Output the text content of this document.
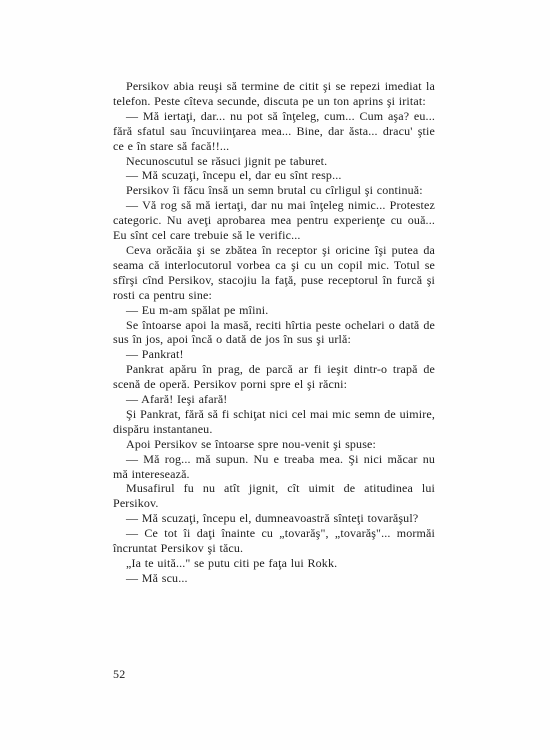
Persikov abia reuşi să termine de citit şi se repezi imediat la telefon. Peste cîteva secunde, discuta pe un ton aprins şi iritat:

— Mă iertaţi, dar... nu pot să înţeleg, cum... Cum aşa? eu... fără sfatul sau încuviinţarea mea... Bine, dar ăsta... dracu' ştie ce e în stare să facă!!...

Necunoscutul se răsuci jignit pe taburet.

— Mă scuzaţi, începu el, dar eu sînt resp...

Persikov îi făcu însă un semn brutal cu cîrligul şi continuă:

— Vă rog să mă iertaţi, dar nu mai înţeleg nimic... Protestez categoric. Nu aveţi aprobarea mea pentru experienţe cu ouă... Eu sînt cel care trebuie să le verific...

Ceva orăcăia şi se zbătea în receptor şi oricine îşi putea da seama că interlocutorul vorbea ca şi cu un copil mic. Totul se sfîrşi cînd Persikov, stacojiu la faţă, puse receptorul în furcă şi rosti ca pentru sine:

— Eu m-am spălat pe mîini.

Se întoarse apoi la masă, reciti hîrtia peste ochelari o dată de sus în jos, apoi încă o dată de jos în sus şi urlă:

— Pankrat!

Pankrat apăru în prag, de parcă ar fi ieşit dintr-o trapă de scenă de operă. Persikov porni spre el şi răcni:

— Afară! Ieşi afară!

Şi Pankrat, fără să fi schiţat nici cel mai mic semn de uimire, dispăru instantaneu.

Apoi Persikov se întoarse spre nou-venit şi spuse:

— Mă rog... mă supun. Nu e treaba mea. Şi nici măcar nu mă interesează.

Musafirul fu nu atît jignit, cît uimit de atitudinea lui Persikov.

— Mă scuzaţi, începu el, dumneavoastră sînteţi tovarăşul?

— Ce tot îi daţi înainte cu „tovarăş", „tovarăş"... mormăi încruntat Persikov şi tăcu.

„Ia te uită..." se putu citi pe faţa lui Rokk.

— Mă scu...

52
